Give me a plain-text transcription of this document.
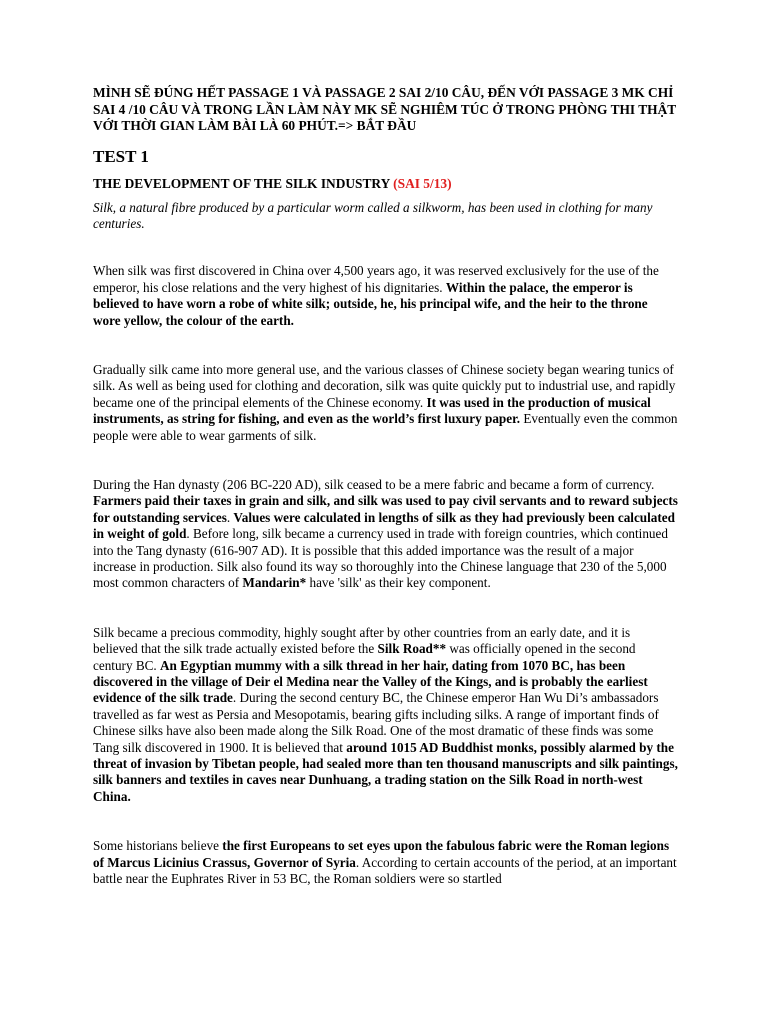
MÌNH SẼ ĐÚNG HẾT PASSAGE 1 VÀ PASSAGE 2 SAI 2/10 CÂU, ĐẾN VỚI PASSAGE 3 MK CHỈ SAI 4 /10 CÂU VÀ TRONG LẦN LÀM NÀY MK SẼ NGHIÊM TÚC Ở TRONG PHÒNG THI THẬT VỚI THỜI GIAN LÀM BÀI LÀ 60 PHÚT.=> BẮT ĐẦU

TEST 1
THE DEVELOPMENT OF THE SILK INDUSTRY (SAI 5/13)

Silk, a natural fibre produced by a particular worm called a silkworm, has been used in clothing for many centuries.

When silk was first discovered in China over 4,500 years ago, it was reserved exclusively for the use of the emperor, his close relations and the very highest of his dignitaries. Within the palace, the emperor is believed to have worn a robe of white silk; outside, he, his principal wife, and the heir to the throne wore yellow, the colour of the earth.

Gradually silk came into more general use, and the various classes of Chinese society began wearing tunics of silk. As well as being used for clothing and decoration, silk was quite quickly put to industrial use, and rapidly became one of the principal elements of the Chinese economy. It was used in the production of musical instruments, as string for fishing, and even as the world’s first luxury paper. Eventually even the common people were able to wear garments of silk.

During the Han dynasty (206 BC-220 AD), silk ceased to be a mere fabric and became a form of currency. Farmers paid their taxes in grain and silk, and silk was used to pay civil servants and to reward subjects for outstanding services. Values were calculated in lengths of silk as they had previously been calculated in weight of gold. Before long, silk became a currency used in trade with foreign countries, which continued into the Tang dynasty (616-907 AD). It is possible that this added importance was the result of a major increase in production. Silk also found its way so thoroughly into the Chinese language that 230 of the 5,000 most common characters of Mandarin* have 'silk' as their key component.

Silk became a precious commodity, highly sought after by other countries from an early date, and it is believed that the silk trade actually existed before the Silk Road** was officially opened in the second century BC. An Egyptian mummy with a silk thread in her hair, dating from 1070 BC, has been discovered in the village of Deir el Medina near the Valley of the Kings, and is probably the earliest evidence of the silk trade. During the second century BC, the Chinese emperor Han Wu Di’s ambassadors travelled as far west as Persia and Mesopotamis, bearing gifts including silks. A range of important finds of Chinese silks have also been made along the Silk Road. One of the most dramatic of these finds was some Tang silk discovered in 1900. It is believed that around 1015 AD Buddhist monks, possibly alarmed by the threat of invasion by Tibetan people, had sealed more than ten thousand manuscripts and silk paintings, silk banners and textiles in caves near Dunhuang, a trading station on the Silk Road in north-west China.

Some historians believe the first Europeans to set eyes upon the fabulous fabric were the Roman legions of Marcus Licinius Crassus, Governor of Syria. According to certain accounts of the period, at an important battle near the Euphrates River in 53 BC, the Roman soldiers were so startled
